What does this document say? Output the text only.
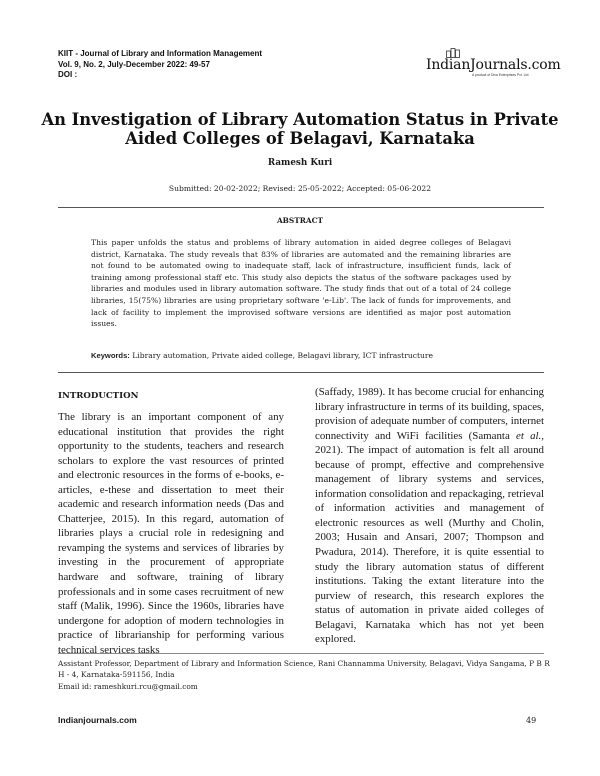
KIIT - Journal of Library and Information Management
Vol. 9, No. 2, July-December 2022: 49-57
DOI :
IndianJournals.com
A product of Diva Enterprises Pvt. Ltd.
An Investigation of Library Automation Status in Private Aided Colleges of Belagavi, Karnataka
Ramesh Kuri
Submitted: 20-02-2022; Revised: 25-05-2022; Accepted: 05-06-2022
ABSTRACT

This paper unfolds the status and problems of library automation in aided degree colleges of Belagavi district, Karnataka. The study reveals that 83% of libraries are automated and the remaining libraries are not found to be automated owing to inadequate staff, lack of infrastructure, insufficient funds, lack of training among professional staff etc. This study also depicts the status of the software packages used by libraries and modules used in library automation software. The study finds that out of a total of 24 college libraries, 15(75%) libraries are using proprietary software 'e-Lib'. The lack of funds for improvements, and lack of facility to implement the improvised software versions are identified as major post automation issues.

Keywords: Library automation, Private aided college, Belagavi library, ICT infrastructure

INTRODUCTION

The library is an important component of any educational institution that provides the right opportunity to the students, teachers and research scholars to explore the vast resources of printed and electronic resources in the forms of e-books, e-articles, e-these and dissertation to meet their academic and research information needs (Das and Chatterjee, 2015). In this regard, automation of libraries plays a crucial role in redesigning and revamping the systems and services of libraries by investing in the procurement of appropriate hardware and software, training of library professionals and in some cases recruitment of new staff (Malik, 1996). Since the 1960s, libraries have undergone for adoption of modern technologies in practice of librarianship for performing various technical services tasks

(Saffady, 1989). It has become crucial for enhancing library infrastructure in terms of its building, spaces, provision of adequate number of computers, internet connectivity and WiFi facilities (Samanta et al., 2021). The impact of automation is felt all around because of prompt, effective and comprehensive management of library systems and services, information consolidation and repackaging, retrieval of information activities and management of electronic resources as well (Murthy and Cholin, 2003; Husain and Ansari, 2007; Thompson and Pwadura, 2014). Therefore, it is quite essential to study the library automation status of different institutions. Taking the extant literature into the purview of research, this research explores the status of automation in private aided colleges of Belagavi, Karnataka which has not yet been explored.

Assistant Professor, Department of Library and Information Science, Rani Channamma University, Belagavi, Vidya Sangama, P B R H - 4, Karnataka-591156, India
Email id: rameshkuri.rcu@gmail.com

Indianjournals.com	49
